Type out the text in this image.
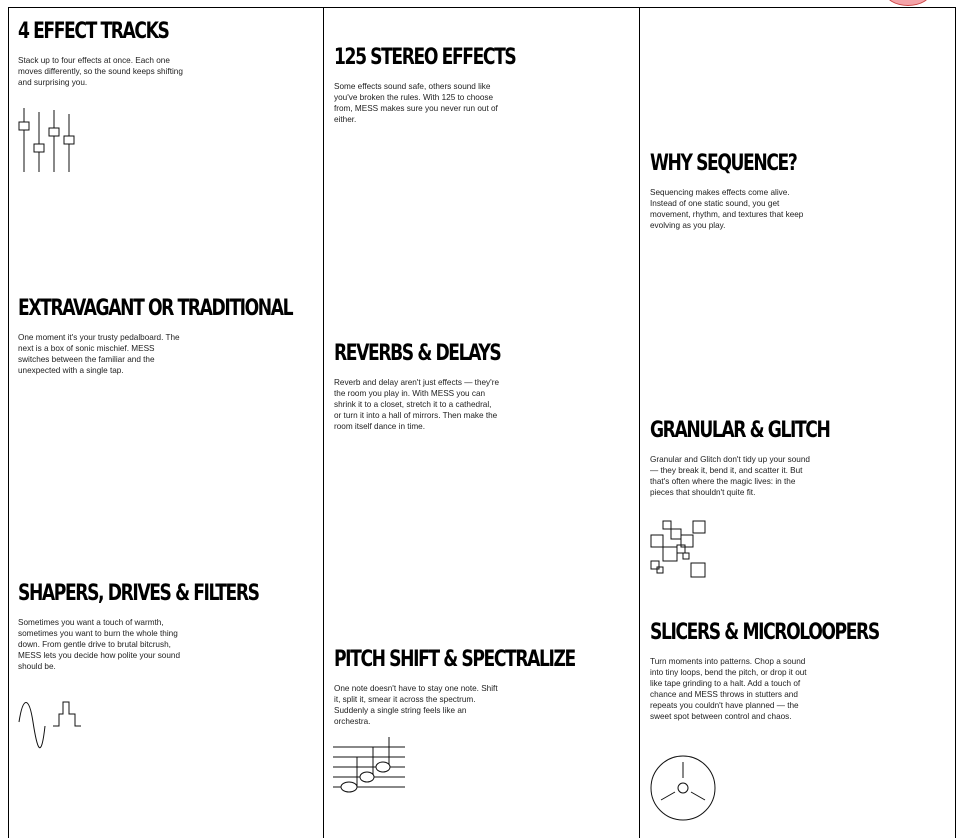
4 EFFECT TRACKS

Stack up to four effects at once. Each one moves differently, so the sound keeps shifting and surprising you.

EXTRAVAGANT OR TRADITIONAL

One moment it's your trusty pedalboard. The next is a box of sonic mischief. MESS switches between the familiar and the unexpected with a single tap.

SHAPERS, DRIVES & FILTERS

Sometimes you want a touch of warmth, sometimes you want to burn the whole thing down. From gentle drive to brutal bitcrush, MESS lets you decide how polite your sound should be.

125 STEREO EFFECTS

Some effects sound safe, others sound like you've broken the rules. With 125 to choose from, MESS makes sure you never run out of either.

REVERBS & DELAYS

Reverb and delay aren't just effects — they're the room you play in. With MESS you can shrink it to a closet, stretch it to a cathedral, or turn it into a hall of mirrors. Then make the room itself dance in time.

PITCH SHIFT & SPECTRALIZE

One note doesn't have to stay one note. Shift it, split it, smear it across the spectrum. Suddenly a single string feels like an orchestra.

WHY SEQUENCE?

Sequencing makes effects come alive. Instead of one static sound, you get movement, rhythm, and textures that keep evolving as you play.

GRANULAR & GLITCH

Granular and Glitch don't tidy up your sound — they break it, bend it, and scatter it. But that's often where the magic lives: in the pieces that shouldn't quite fit.

SLICERS & MICROLOOPERS

Turn moments into patterns. Chop a sound into tiny loops, bend the pitch, or drop it out like tape grinding to a halt. Add a touch of chance and MESS throws in stutters and repeats you couldn't have planned — the sweet spot between control and chaos.
